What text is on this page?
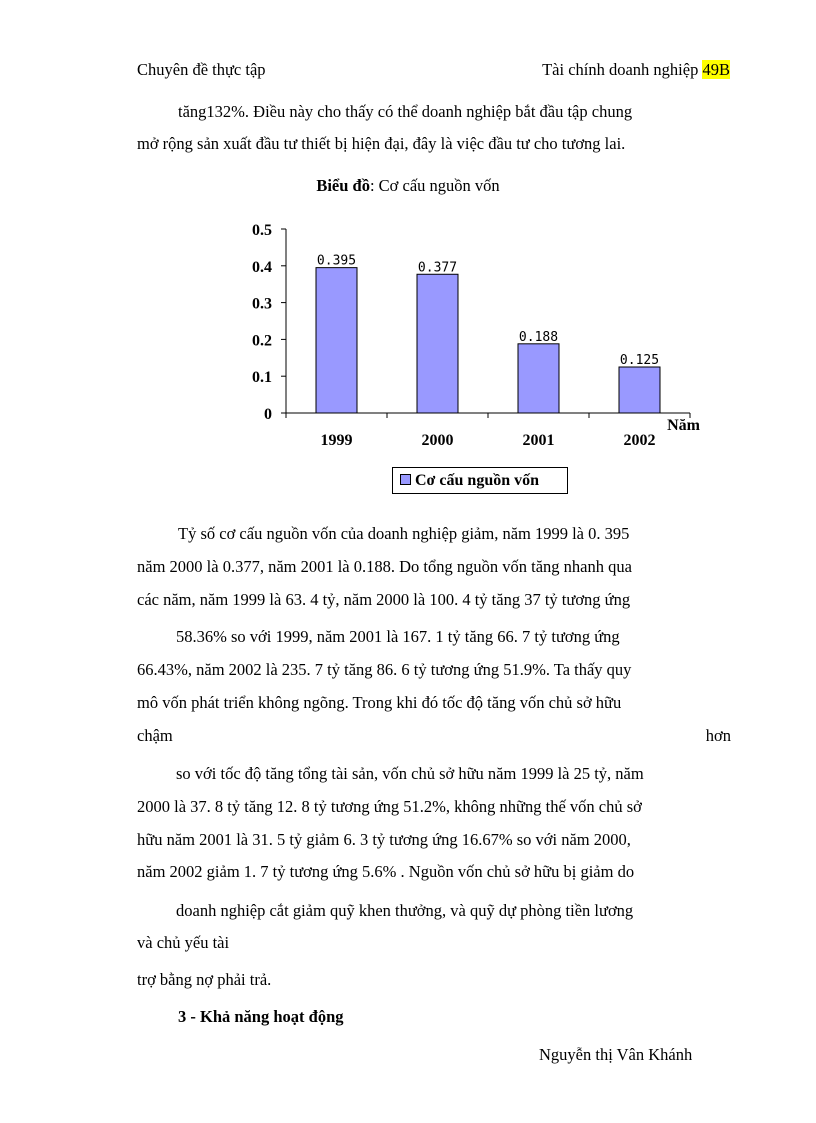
Chuyên đề thực tập	Tài chính doanh nghiệp 49B
tăng132%. Điều này cho thấy có thể doanh nghiệp bắt đầu tập chung
mở rộng sản xuất đầu tư thiết bị hiện đại, đây là việc đầu tư cho tương lai.
Biểu đồ: Cơ cấu nguồn vốn
0
0.1
0.2
0.3
0.4
0.5
0.395
1999
0.377
2000
0.188
2001
0.125
2002
Năm
Cơ cấu nguồn vốn
Tỷ số cơ cấu nguồn vốn của doanh nghiệp giảm, năm 1999 là 0. 395
năm 2000 là 0.377, năm 2001 là 0.188. Do tổng nguồn vốn tăng nhanh qua
các năm, năm 1999 là 63. 4 tỷ, năm 2000 là 100. 4 tỷ tăng 37 tỷ tương ứng
58.36% so với 1999, năm 2001 là 167. 1 tỷ tăng 66. 7 tỷ tương ứng
66.43%, năm 2002 là 235. 7 tỷ tăng 86. 6 tỷ tương ứng 51.9%. Ta thấy quy
mô vốn phát triển không ngõng. Trong khi đó tốc độ tăng vốn chủ sở hữu
chậm hơn
so với tốc độ tăng tổng tài sản, vốn chủ sở hữu năm 1999 là 25 tỷ, năm
2000 là 37. 8 tỷ tăng 12. 8 tỷ tương ứng 51.2%, không những thế vốn chủ sở
hữu năm 2001 là 31. 5 tỷ giảm 6. 3 tỷ tương ứng 16.67% so với năm 2000,
năm 2002 giảm 1. 7 tỷ tương ứng 5.6% . Nguồn vốn chủ sở hữu bị giảm do
doanh nghiệp cắt giảm quỹ khen thưởng, và quỹ dự phòng tiền lương
và chủ yếu tài
trợ bằng nợ phải trả.
3 - Khả năng hoạt động
Nguyễn thị Vân Khánh
